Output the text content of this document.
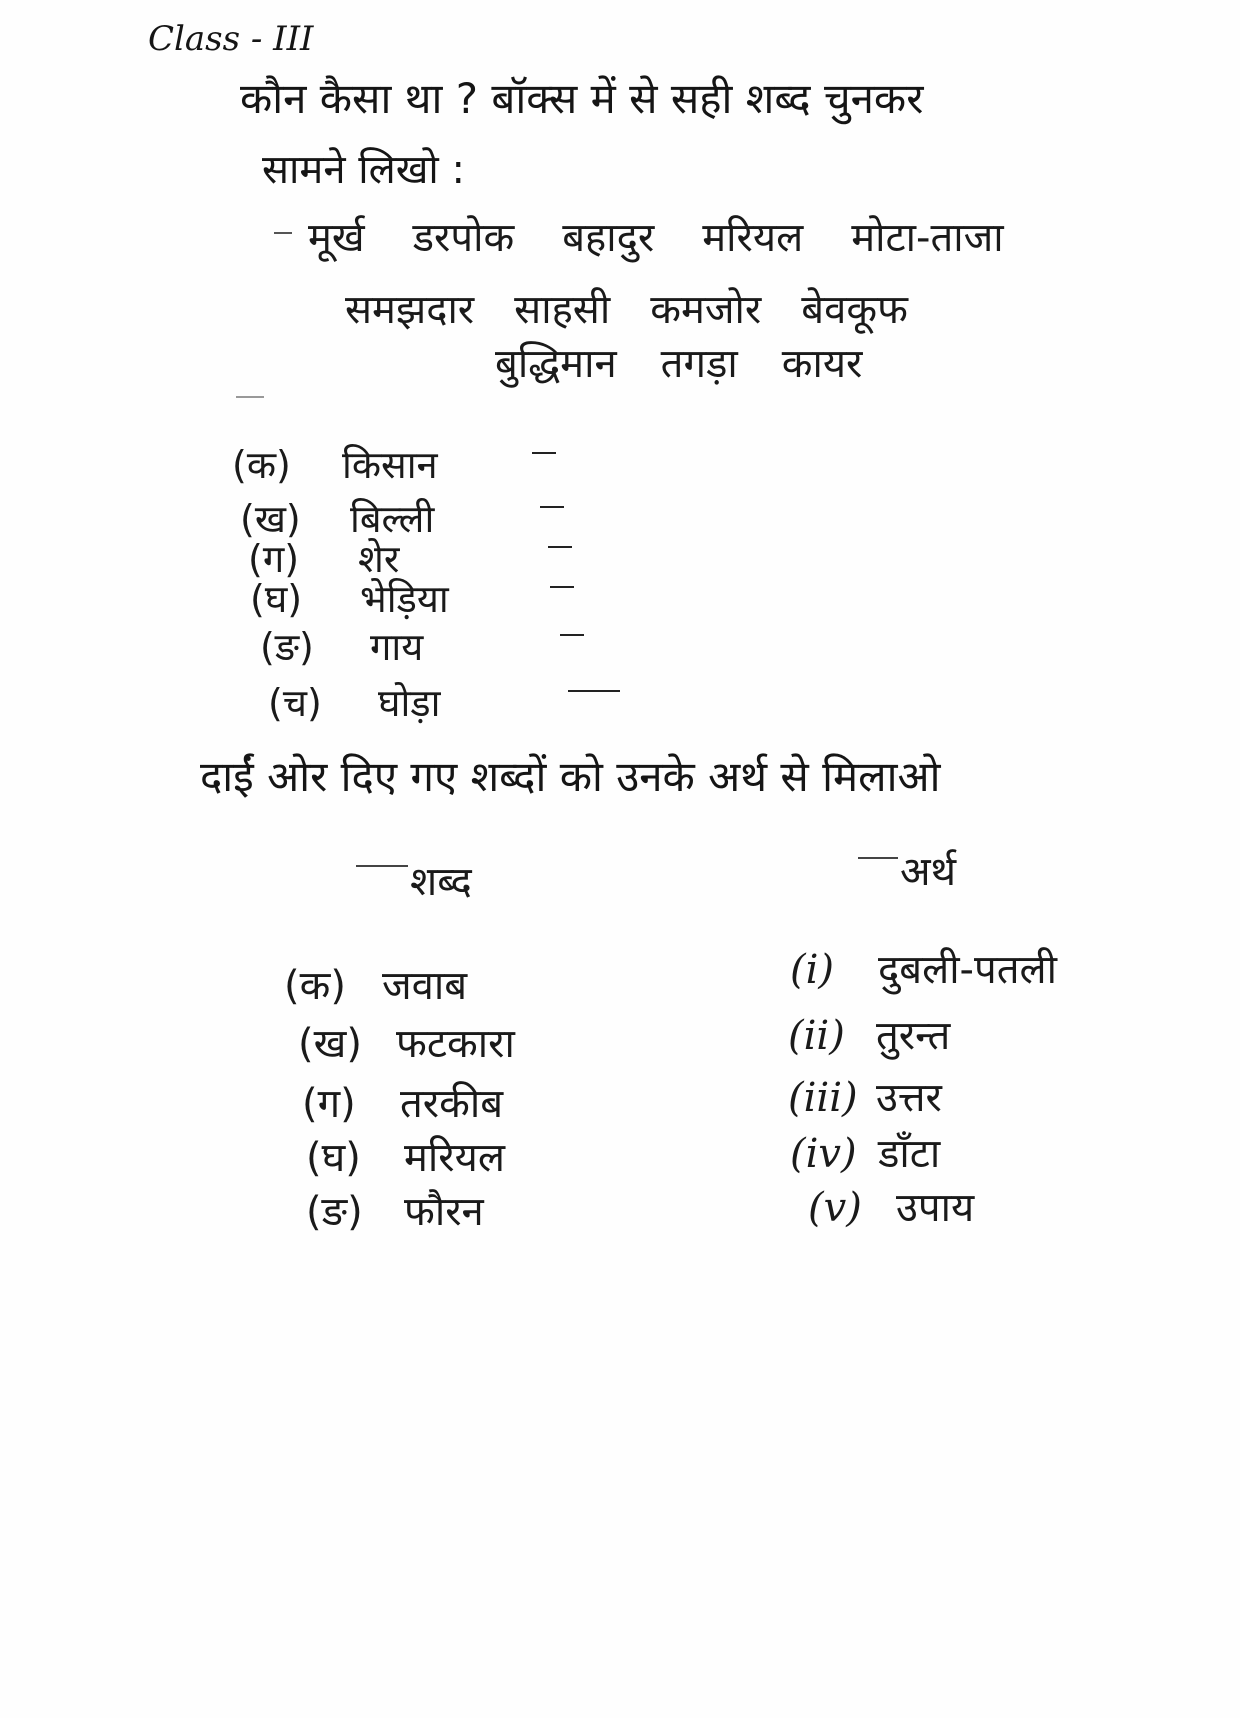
Class - III
कौन कैसा था ? बॉक्स में से सही शब्द चुनकर
सामने लिखो :
मूर्ख डरपोक बहादुर मरियल मोटा-ताजा
समझदार साहसी कमजोर बेवकूफ
बुद्धिमान तगड़ा कायर
(क) किसान
(ख) बिल्ली
(ग) शेर
(घ) भेड़िया
(ङ) गाय
(च) घोड़ा
दाईं ओर दिए गए शब्दों को उनके अर्थ से मिलाओ
शब्द	अर्थ
(क) जवाब
(ख) फटकारा
(ग) तरकीब
(घ) मरियल
(ङ) फौरन
(i) दुबली-पतली
(ii) तुरन्त
(iii) उत्तर
(iv) डाँटा
(v) उपाय
